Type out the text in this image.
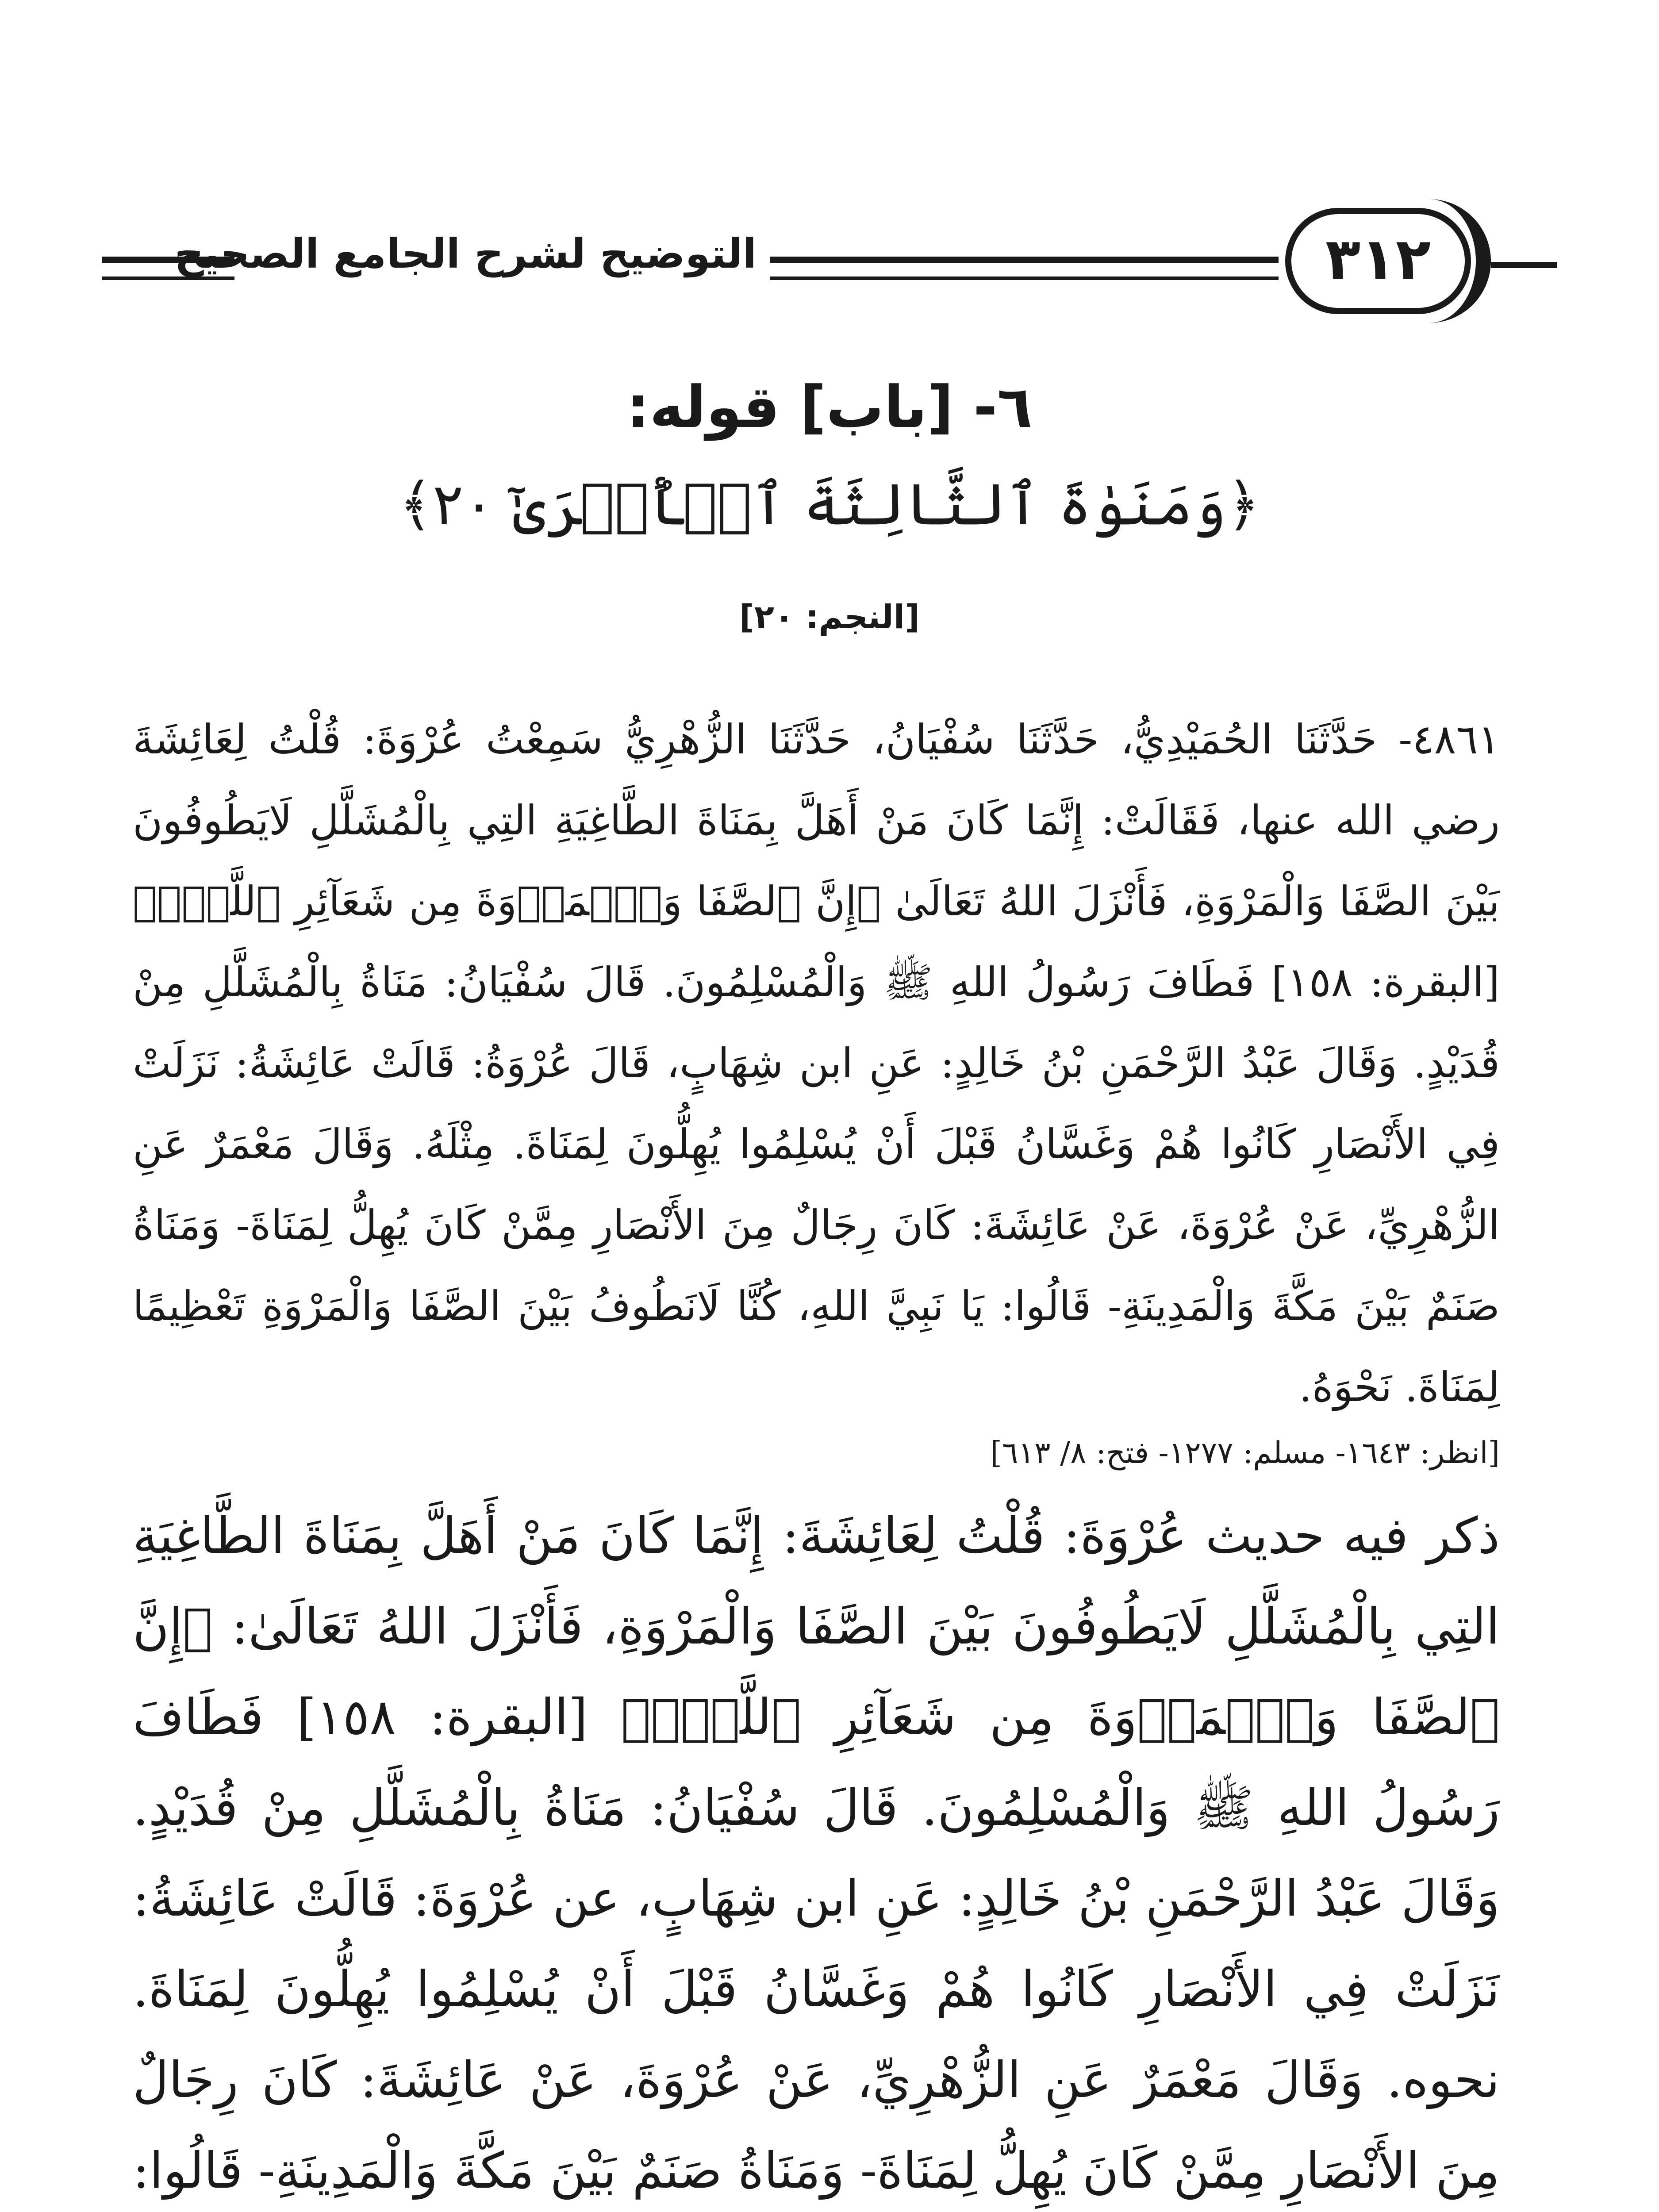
التوضيح لشرح الجامع الصحيح	٣١٢
٦- [باب] قوله:
﴿وَمَنَوٰةَ ٱلثَّالِثَةَ ٱلۡأُخۡرَىٰٓ ٢٠﴾
[النجم: ٢٠]
٤٨٦١- حَدَّثَنَا الحُمَيْدِيُّ، حَدَّثَنَا سُفْيَانُ، حَدَّثَنَا الزُّهْرِيُّ سَمِعْتُ عُرْوَةَ: قُلْتُ لِعَائِشَةَ رضي الله عنها، فَقَالَتْ: إِنَّمَا كَانَ مَنْ أَهَلَّ بِمَنَاةَ الطَّاغِيَةِ التِي بِالْمُشَلَّلِ لَايَطُوفُونَ بَيْنَ الصَّفَا وَالْمَرْوَةِ، فَأَنْزَلَ اللهُ تَعَالَىٰ ﴿إِنَّ ٱلصَّفَا وَٱلۡمَرۡوَةَ مِن شَعَآئِرِ ٱللَّهِۖ﴾ [البقرة: ١٥٨] فَطَافَ رَسُولُ اللهِ ﷺ وَالْمُسْلِمُونَ. قَالَ سُفْيَانُ: مَنَاةُ بِالْمُشَلَّلِ مِنْ قُدَيْدٍ. وَقَالَ عَبْدُ الرَّحْمَنِ بْنُ خَالِدٍ: عَنِ ابن شِهَابٍ، قَالَ عُرْوَةُ: قَالَتْ عَائِشَةُ: نَزَلَتْ فِي الأَنْصَارِ كَانُوا هُمْ وَغَسَّانُ قَبْلَ أَنْ يُسْلِمُوا يُهِلُّونَ لِمَنَاةَ. مِثْلَهُ. وَقَالَ مَعْمَرٌ عَنِ الزُّهْرِيِّ، عَنْ عُرْوَةَ، عَنْ عَائِشَةَ: كَانَ رِجَالٌ مِنَ الأَنْصَارِ مِمَّنْ كَانَ يُهِلُّ لِمَنَاةَ- وَمَنَاةُ صَنَمٌ بَيْنَ مَكَّةَ وَالْمَدِينَةِ- قَالُوا: يَا نَبِيَّ اللهِ، كُنَّا لَانَطُوفُ بَيْنَ الصَّفَا وَالْمَرْوَةِ تَعْظِيمًا لِمَنَاةَ. نَحْوَهُ.
[انظر: ١٦٤٣- مسلم: ١٢٧٧- فتح: ٨/ ٦١٣]
ذكر فيه حديث عُرْوَةَ: قُلْتُ لِعَائِشَةَ: إِنَّمَا كَانَ مَنْ أَهَلَّ بِمَنَاةَ الطَّاغِيَةِ التِي بِالْمُشَلَّلِ لَايَطُوفُونَ بَيْنَ الصَّفَا وَالْمَرْوَةِ، فَأَنْزَلَ اللهُ تَعَالَىٰ: ﴿إِنَّ ٱلصَّفَا وَٱلۡمَرۡوَةَ مِن شَعَآئِرِ ٱللَّهِۖ﴾ [البقرة: ١٥٨] فَطَافَ رَسُولُ اللهِ ﷺ وَالْمُسْلِمُونَ. قَالَ سُفْيَانُ: مَنَاةُ بِالْمُشَلَّلِ مِنْ قُدَيْدٍ. وَقَالَ عَبْدُ الرَّحْمَنِ بْنُ خَالِدٍ: عَنِ ابن شِهَابٍ، عن عُرْوَةَ: قَالَتْ عَائِشَةُ: نَزَلَتْ فِي الأَنْصَارِ كَانُوا هُمْ وَغَسَّانُ قَبْلَ أَنْ يُسْلِمُوا يُهِلُّونَ لِمَنَاةَ. نحوه. وَقَالَ مَعْمَرٌ عَنِ الزُّهْرِيِّ، عَنْ عُرْوَةَ، عَنْ عَائِشَةَ: كَانَ رِجَالٌ مِنَ الأَنْصَارِ مِمَّنْ كَانَ يُهِلُّ لِمَنَاةَ- وَمَنَاةُ صَنَمٌ بَيْنَ مَكَّةَ وَالْمَدِينَةِ- قَالُوا:
